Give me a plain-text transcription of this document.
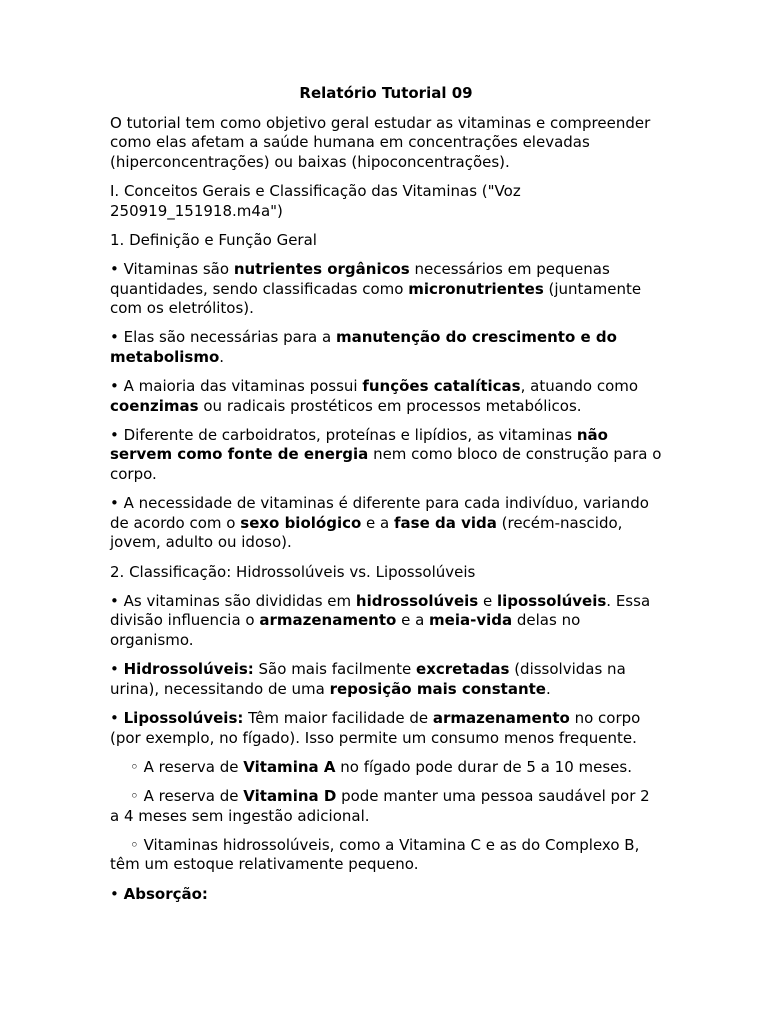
Relatório Tutorial 09

O tutorial tem como objetivo geral estudar as vitaminas e compreender como elas afetam a saúde humana em concentrações elevadas (hiperconcentrações) ou baixas (hipoconcentrações).

I. Conceitos Gerais e Classificação das Vitaminas ("Voz 250919_151918.m4a")

1. Definição e Função Geral

• Vitaminas são nutrientes orgânicos necessários em pequenas quantidades, sendo classificadas como micronutrientes (juntamente com os eletrólitos).

• Elas são necessárias para a manutenção do crescimento e do metabolismo.

• A maioria das vitaminas possui funções catalíticas, atuando como coenzimas ou radicais prostéticos em processos metabólicos.

• Diferente de carboidratos, proteínas e lipídios, as vitaminas não servem como fonte de energia nem como bloco de construção para o corpo.

• A necessidade de vitaminas é diferente para cada indivíduo, variando de acordo com o sexo biológico e a fase da vida (recém-nascido, jovem, adulto ou idoso).

2. Classificação: Hidrossolúveis vs. Lipossolúveis

• As vitaminas são divididas em hidrossolúveis e lipossolúveis. Essa divisão influencia o armazenamento e a meia-vida delas no organismo.

• Hidrossolúveis: São mais facilmente excretadas (dissolvidas na urina), necessitando de uma reposição mais constante.

• Lipossolúveis: Têm maior facilidade de armazenamento no corpo (por exemplo, no fígado). Isso permite um consumo menos frequente.

◦ A reserva de Vitamina A no fígado pode durar de 5 a 10 meses.

◦ A reserva de Vitamina D pode manter uma pessoa saudável por 2 a 4 meses sem ingestão adicional.

◦ Vitaminas hidrossolúveis, como a Vitamina C e as do Complexo B, têm um estoque relativamente pequeno.

• Absorção:
